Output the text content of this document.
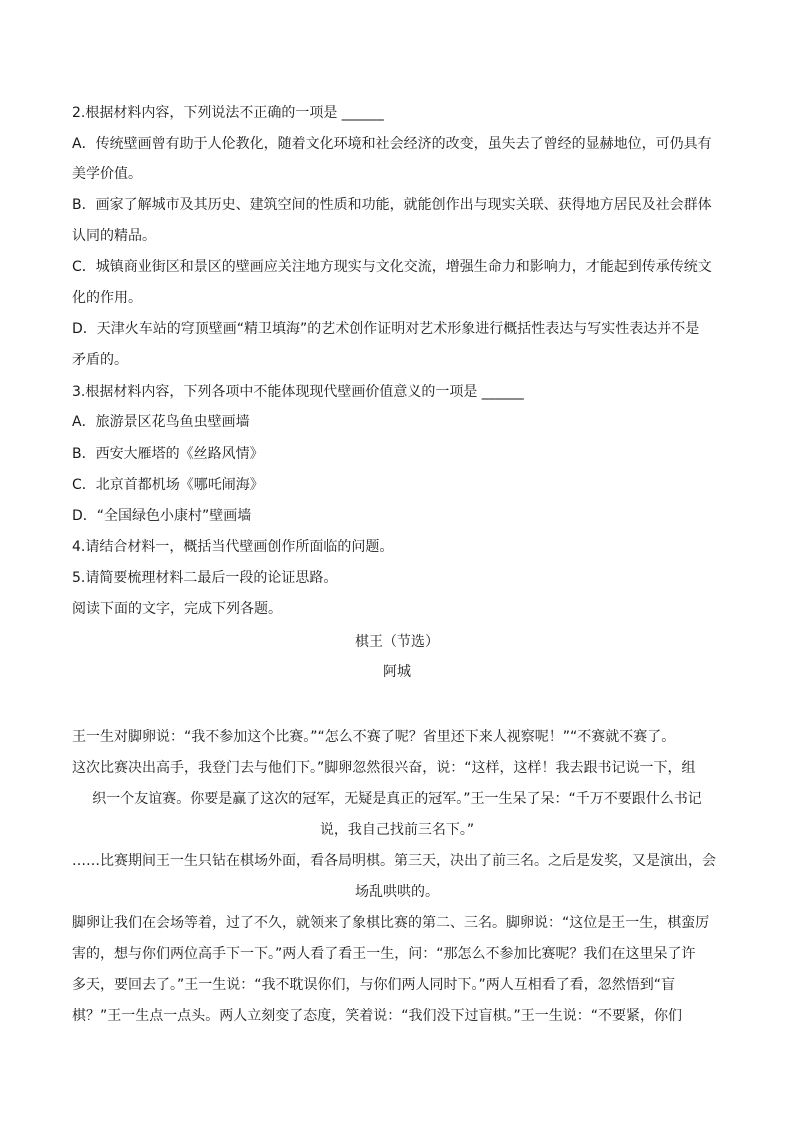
2.根据材料内容，下列说法不正确的一项是 ______
A．传统壁画曾有助于人伦教化，随着文化环境和社会经济的改变，虽失去了曾经的显赫地位，可仍具有
美学价值。
B．画家了解城市及其历史、建筑空间的性质和功能，就能创作出与现实关联、获得地方居民及社会群体
认同的精品。
C．城镇商业街区和景区的壁画应关注地方现实与文化交流，增强生命力和影响力，才能起到传承传统文
化的作用。
D．天津火车站的穹顶壁画“精卫填海”的艺术创作证明对艺术形象进行概括性表达与写实性表达并不是
矛盾的。
3.根据材料内容，下列各项中不能体现现代壁画价值意义的一项是 ______
A．旅游景区花鸟鱼虫壁画墙
B．西安大雁塔的《丝路风情》
C．北京首都机场《哪吒闹海》
D．“全国绿色小康村”壁画墙
4.请结合材料一，概括当代壁画创作所面临的问题。
5.请简要梳理材料二最后一段的论证思路。
阅读下面的文字，完成下列各题。
棋王（节选）
阿城
王一生对脚卵说：“我不参加这个比赛。”“怎么不赛了呢？省里还下来人视察呢！”“不赛就不赛了。
这次比赛决出高手，我登门去与他们下。”脚卵忽然很兴奋，说：“这样，这样！我去跟书记说一下，组
织一个友谊赛。你要是赢了这次的冠军，无疑是真正的冠军。”王一生呆了呆：“千万不要跟什么书记
说，我自己找前三名下。”
……比赛期间王一生只钻在棋场外面，看各局明棋。第三天，决出了前三名。之后是发奖，又是演出，会
场乱哄哄的。
脚卵让我们在会场等着，过了不久，就领来了象棋比赛的第二、三名。脚卵说：“这位是王一生，棋蛮厉
害的，想与你们两位高手下一下。”两人看了看王一生，问：“那怎么不参加比赛呢？我们在这里呆了许
多天，要回去了。”王一生说：“我不耽误你们，与你们两人同时下。”两人互相看了看，忽然悟到“盲
棋？”王一生点一点头。两人立刻变了态度，笑着说：“我们没下过盲棋。”王一生说：“不要紧，你们
